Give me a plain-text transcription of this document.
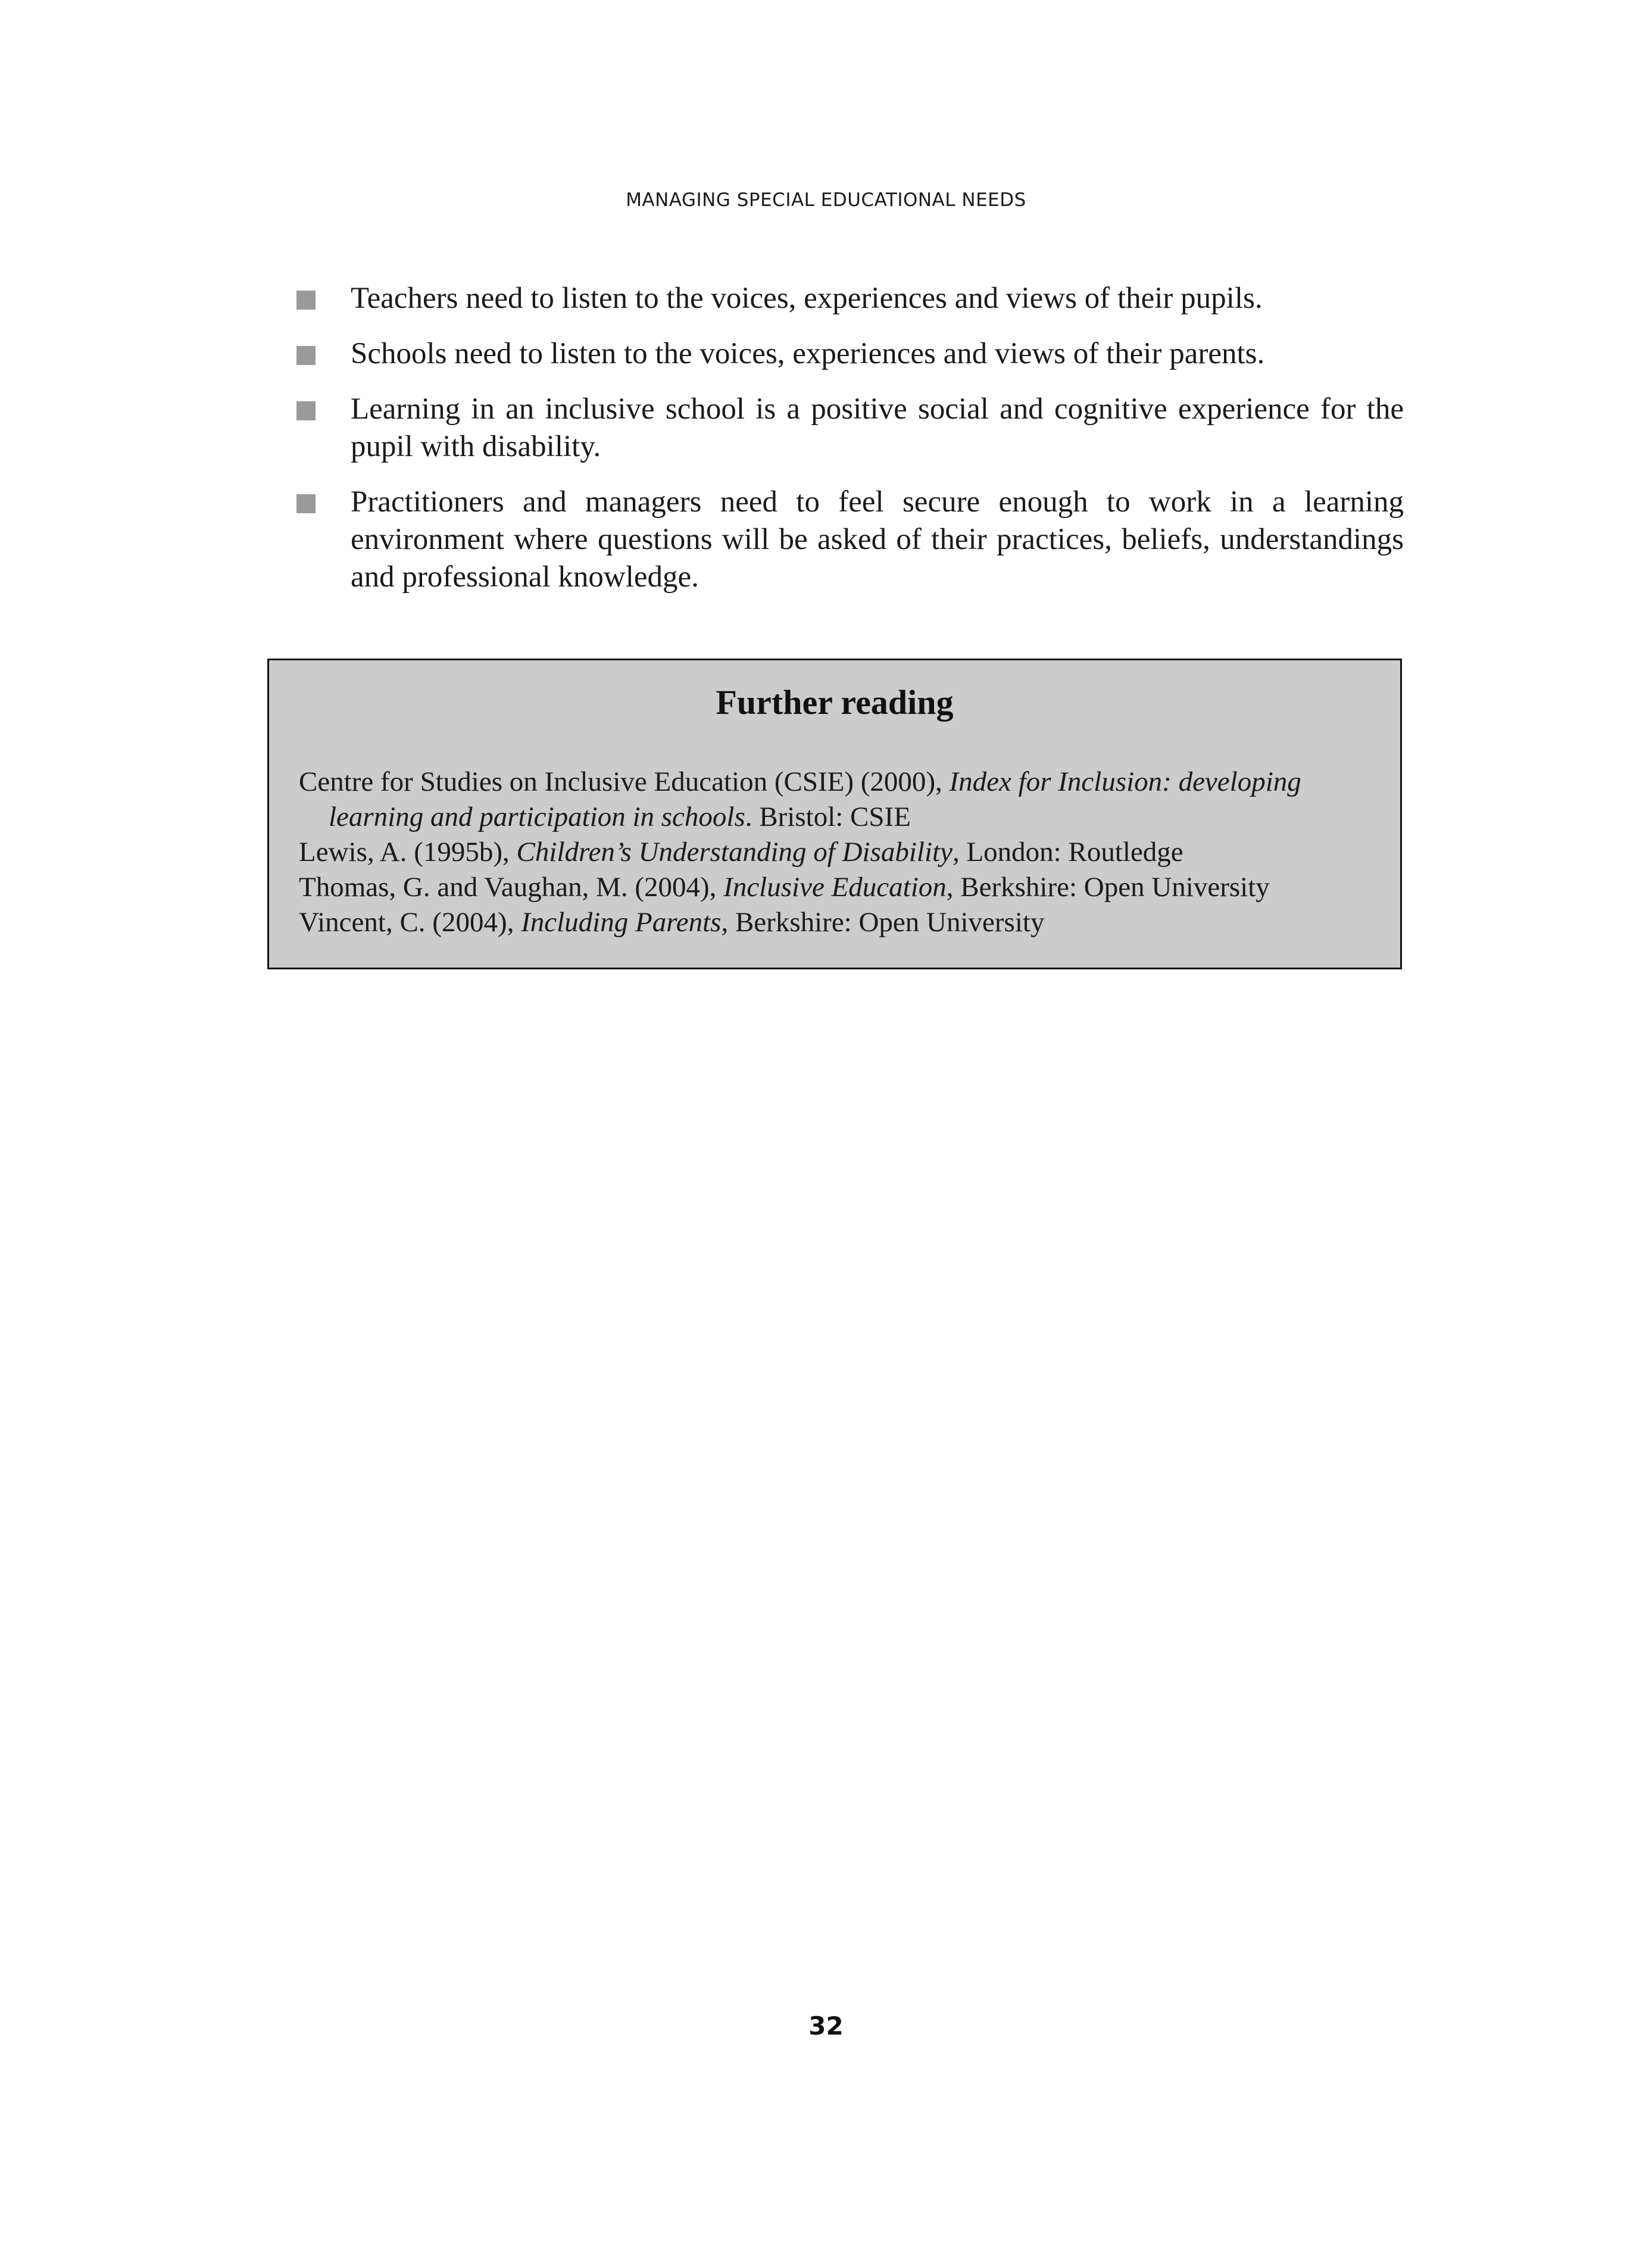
MANAGING SPECIAL EDUCATIONAL NEEDS
Teachers need to listen to the voices, experiences and views of their pupils.
Schools need to listen to the voices, experiences and views of their parents.
Learning in an inclusive school is a positive social and cognitive experience for the pupil with disability.
Practitioners and managers need to feel secure enough to work in a learning environment where questions will be asked of their practices, beliefs, understandings and professional knowledge.
Further reading
Centre for Studies on Inclusive Education (CSIE) (2000), Index for Inclusion: developing learning and participation in schools. Bristol: CSIE
Lewis, A. (1995b), Children’s Understanding of Disability, London: Routledge
Thomas, G. and Vaughan, M. (2004), Inclusive Education, Berkshire: Open University
Vincent, C. (2004), Including Parents, Berkshire: Open University
32
